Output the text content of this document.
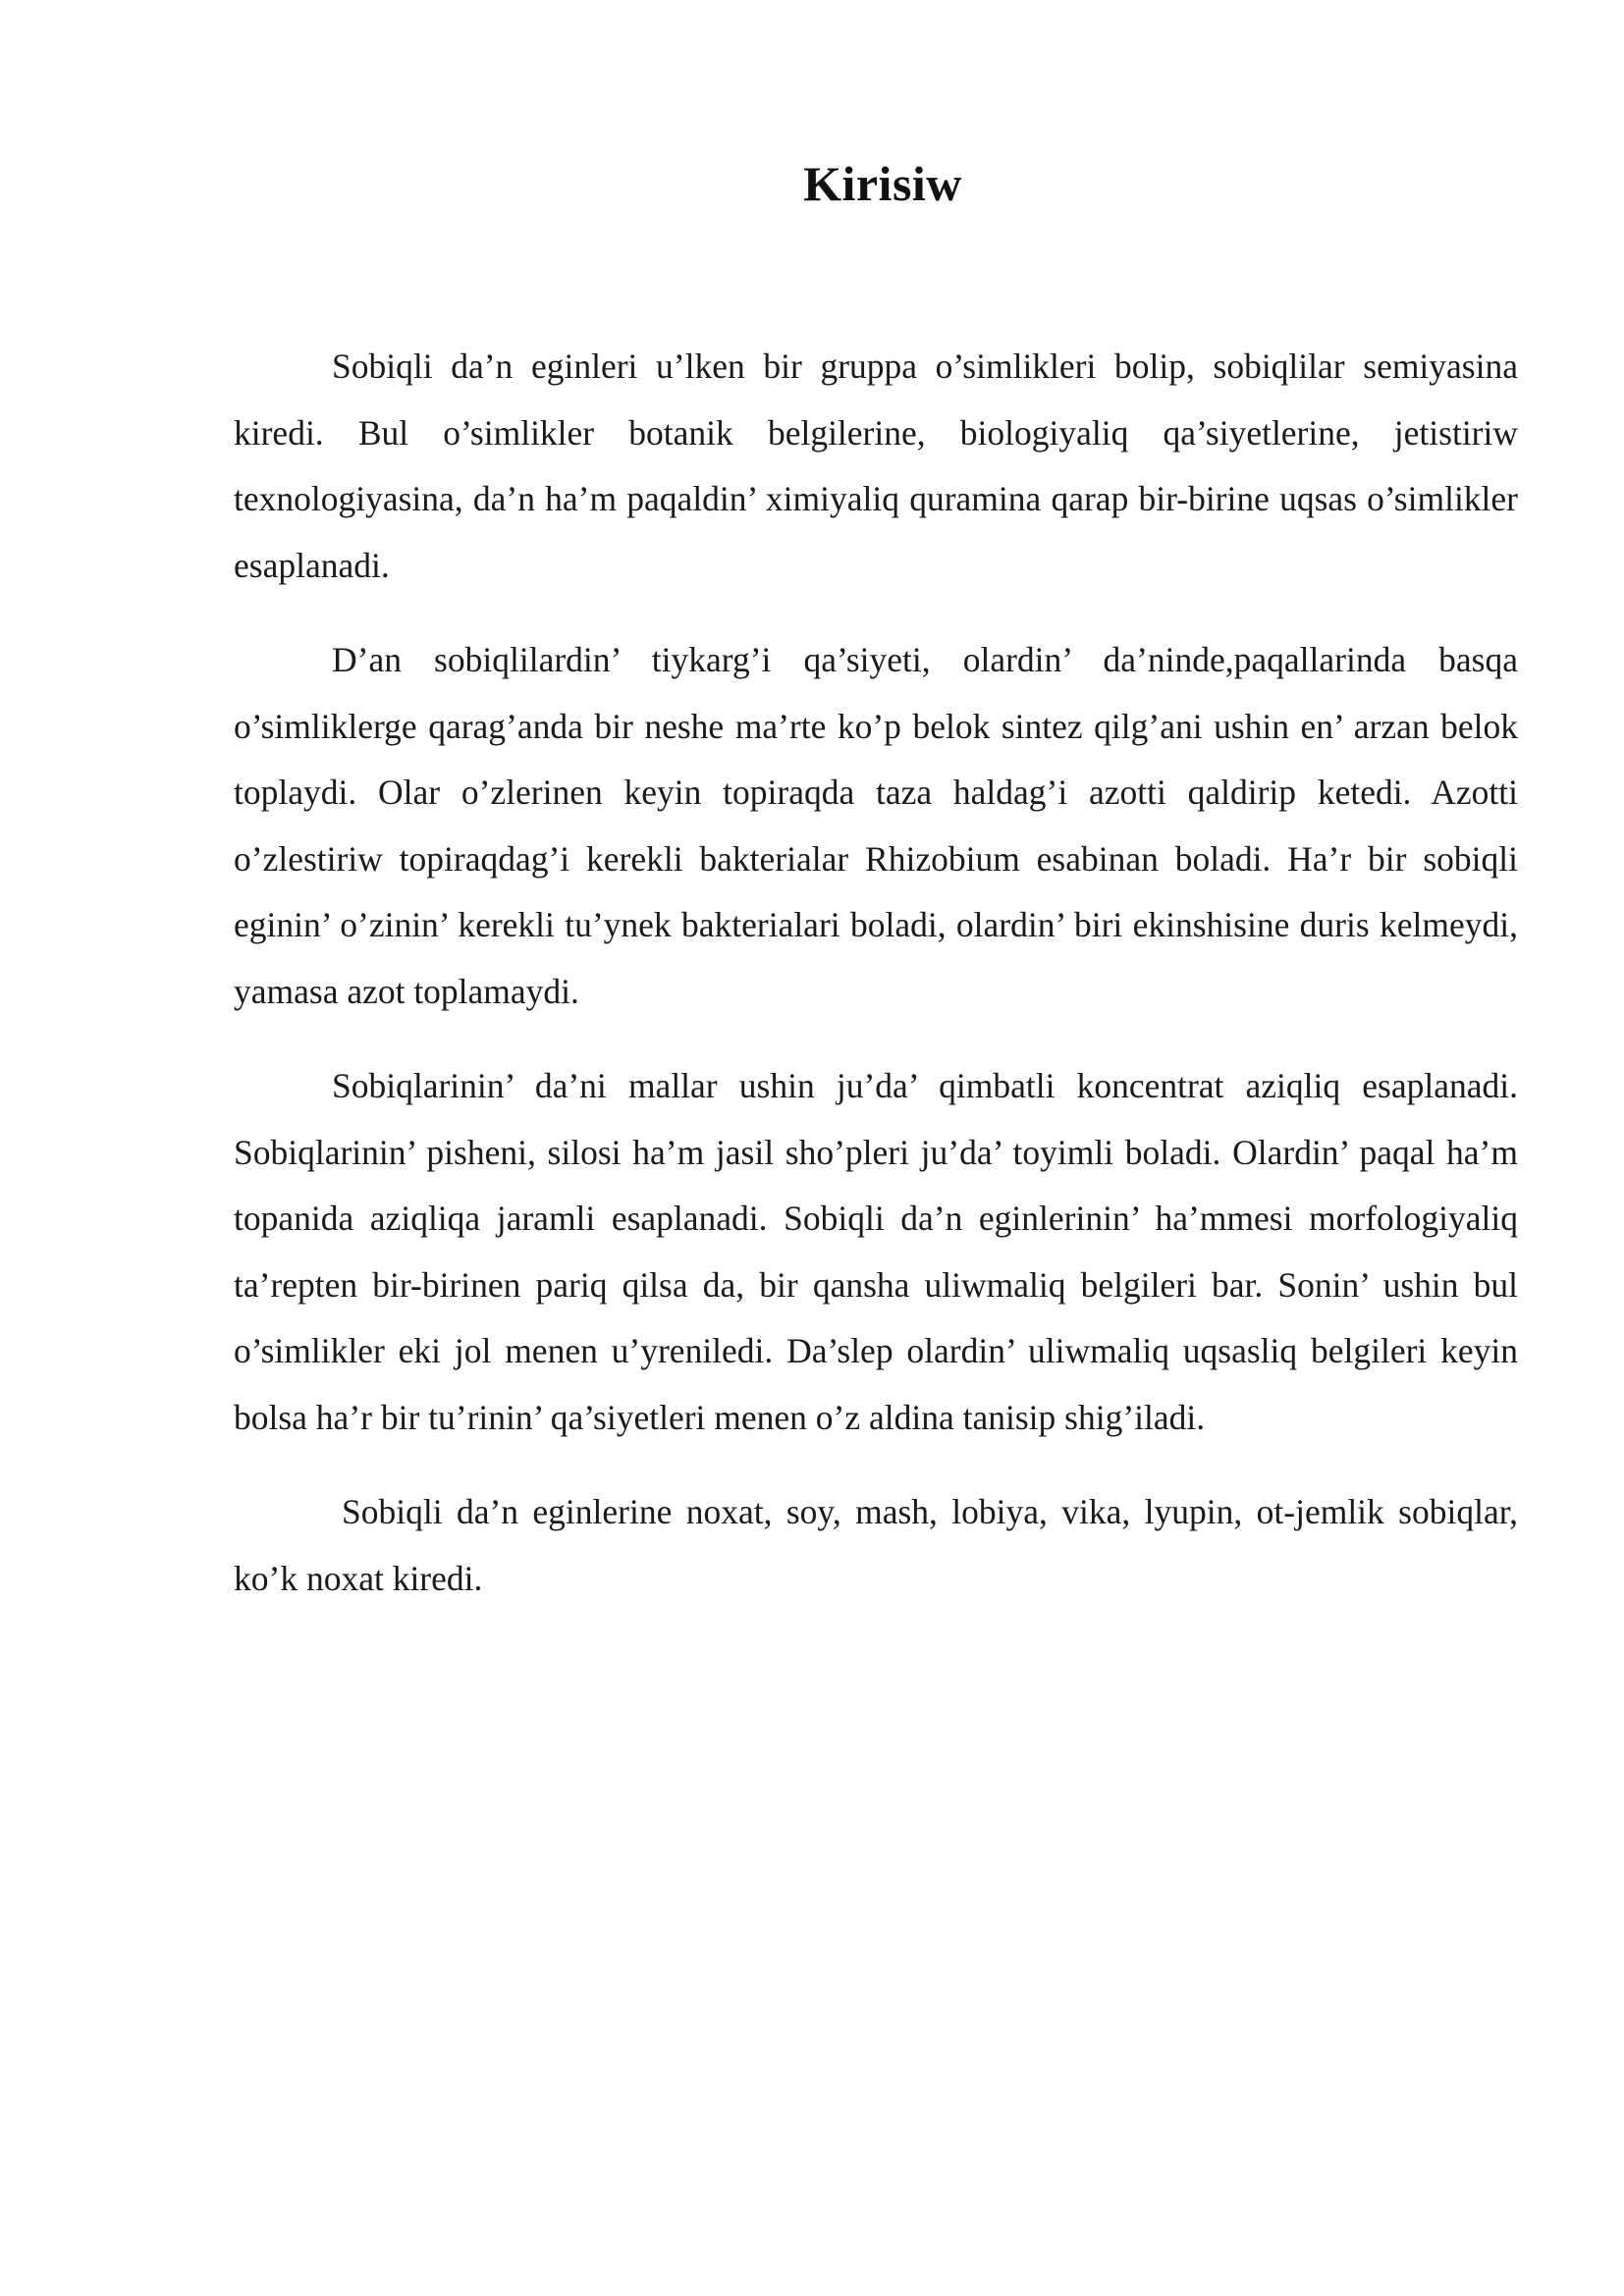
Kirisiw

Sobiqli da’n eginleri u’lken bir gruppa o’simlikleri bolip, sobiqlilar semiyasina kiredi. Bul o’simlikler botanik belgilerine, biologiyaliq qa’siyetlerine, jetistiriw texnologiyasina, da’n ha’m paqaldin’ ximiyaliq quramina qarap bir-birine uqsas o’simlikler esaplanadi.

D’an sobiqlilardin’ tiykarg’i qa’siyeti, olardin’ da’ninde,paqallarinda basqa o’simliklerge qarag’anda bir neshe ma’rte ko’p belok sintez qilg’ani ushin en’ arzan belok toplaydi. Olar o’zlerinen keyin topiraqda taza haldag’i azotti qaldirip ketedi. Azotti o’zlestiriw topiraqdag’i kerekli bakterialar Rhizobium esabinan boladi. Ha’r bir sobiqli eginin’ o’zinin’ kerekli tu’ynek bakterialari boladi, olardin’ biri ekinshisine duris kelmeydi, yamasa azot toplamaydi.

Sobiqlarinin’ da’ni mallar ushin ju’da’ qimbatli koncentrat aziqliq esaplanadi. Sobiqlarinin’ pisheni, silosi ha’m jasil sho’pleri ju’da’ toyimli boladi. Olardin’ paqal ha’m topanida aziqliqa jaramli esaplanadi. Sobiqli da’n eginlerinin’ ha’mmesi morfologiyaliq ta’repten bir-birinen pariq qilsa da, bir qansha uliwmaliq belgileri bar. Sonin’ ushin bul o’simlikler eki jol menen u’yreniledi. Da’slep olardin’ uliwmaliq uqsasliq belgileri keyin bolsa ha’r bir tu’rinin’ qa’siyetleri menen o’z aldina tanisip shig’iladi.

Sobiqli da’n eginlerine noxat, soy, mash, lobiya, vika, lyupin, ot-jemlik sobiqlar, ko’k noxat kiredi.
